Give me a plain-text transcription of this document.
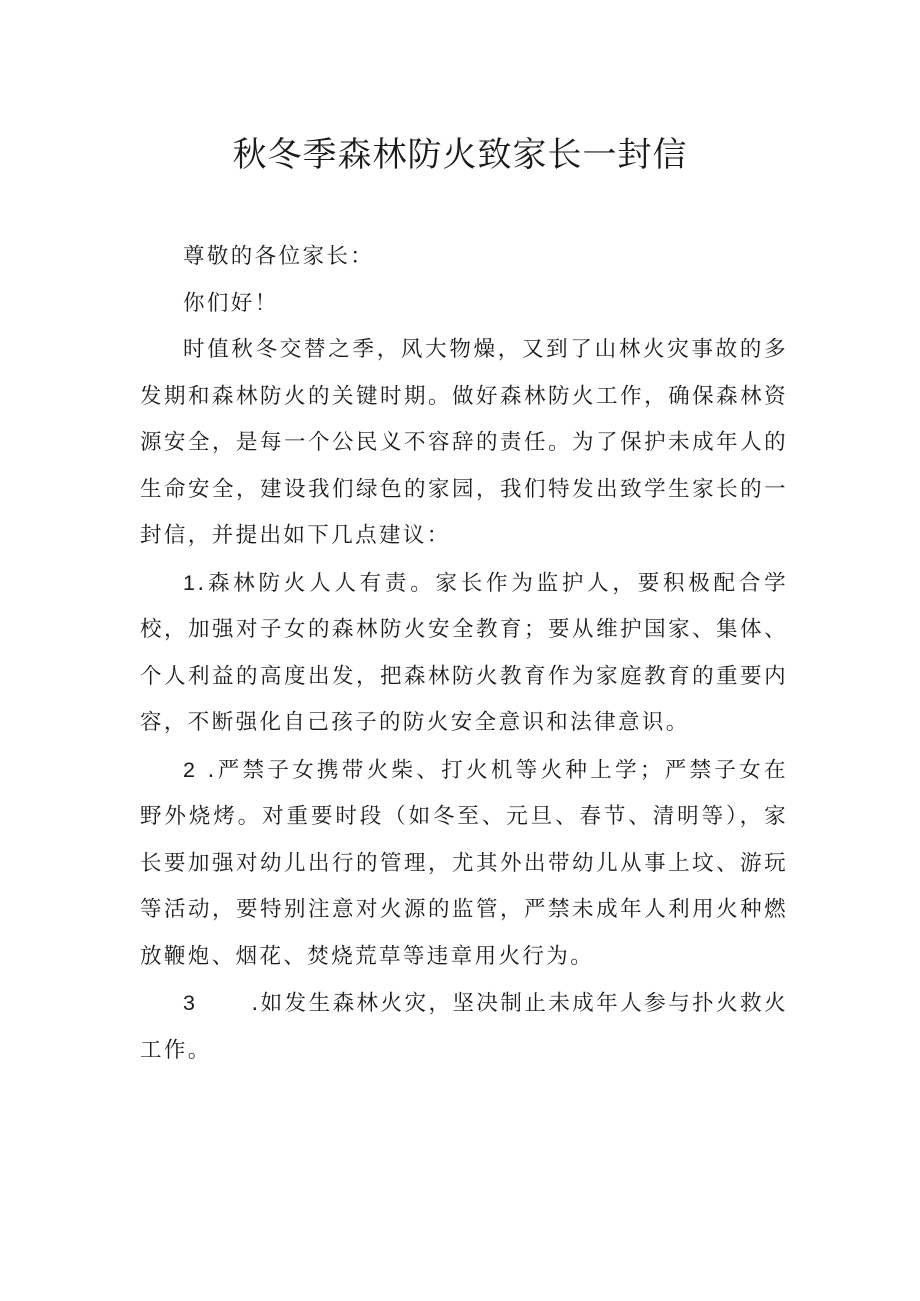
秋冬季森林防火致家长一封信

尊敬的各位家长：

你们好！

时值秋冬交替之季，风大物燥，又到了山林火灾事故的多发期和森林防火的关键时期。做好森林防火工作，确保森林资源安全，是每一个公民义不容辞的责任。为了保护未成年人的生命安全，建设我们绿色的家园，我们特发出致学生家长的一封信，并提出如下几点建议：

1.森林防火人人有责。家长作为监护人，要积极配合学校，加强对子女的森林防火安全教育；要从维护国家、集体、个人利益的高度出发，把森林防火教育作为家庭教育的重要内容，不断强化自己孩子的防火安全意识和法律意识。

2 .严禁子女携带火柴、打火机等火种上学；严禁子女在野外烧烤。对重要时段（如冬至、元旦、春节、清明等），家长要加强对幼儿出行的管理，尤其外出带幼儿从事上坟、游玩等活动，要特别注意对火源的监管，严禁未成年人利用火种燃放鞭炮、烟花、焚烧荒草等违章用火行为。

3	.如发生森林火灾，坚决制止未成年人参与扑火救火工作。
